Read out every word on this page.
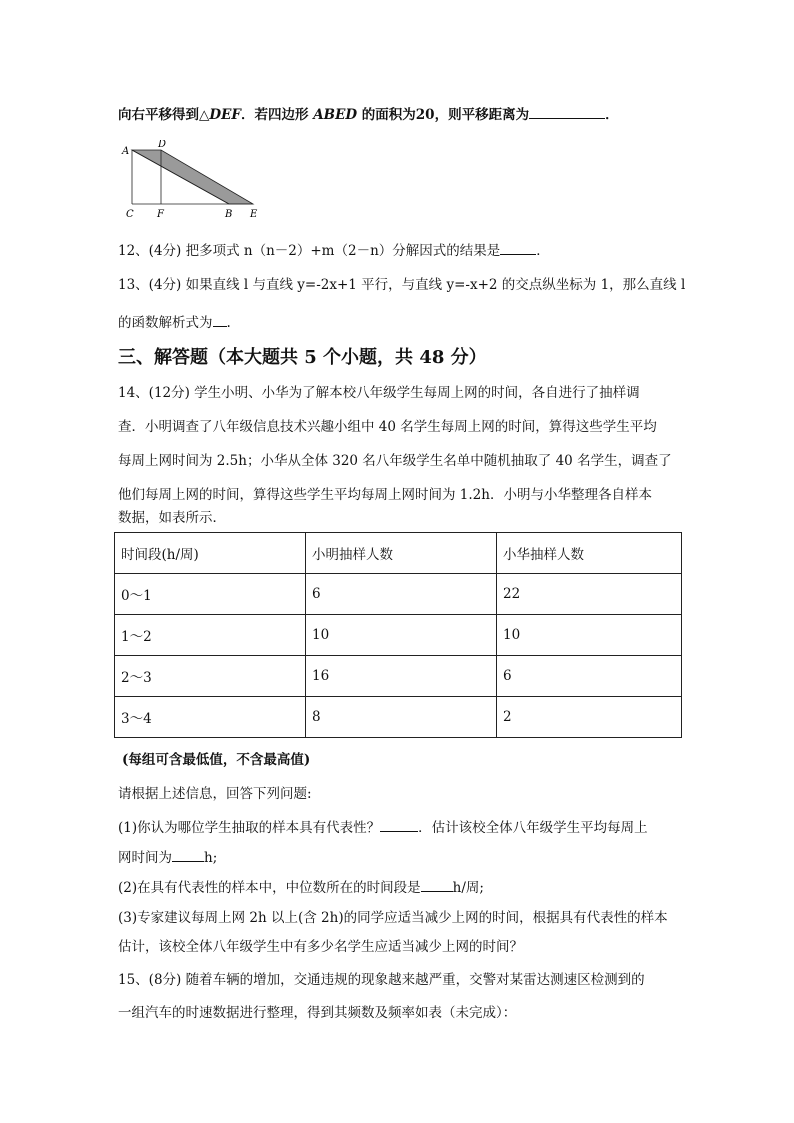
向右平移得到△DEF．若四边形 ABED 的面积为20，则平移距离为	．
A
D
C F	B E
12、(4分) 把多项式 n（n－2）+m（2－n）分解因式的结果是	．
13、(4分) 如果直线 l 与直线 y=-2x+1 平行，与直线 y=-x+2 的交点纵坐标为 1，那么直线 l
的函数解析式为 .
三、解答题（本大题共 5 个小题，共 48 分）
14、(12分) 学生小明、小华为了解本校八年级学生每周上网的时间，各自进行了抽样调
查．小明调查了八年级信息技术兴趣小组中 40 名学生每周上网的时间，算得这些学生平均
每周上网时间为 2.5h；小华从全体 320 名八年级学生名单中随机抽取了 40 名学生，调查了
他们每周上网的时间，算得这些学生平均每周上网时间为 1.2h．小明与小华整理各自样本
数据，如表所示．
时间段(h/周)	小明抽样人数	小华抽样人数
0～1	6	22
1～2	10	10
2～3	16	6
3～4	8	2
(每组可含最低值，不含最高值)
请根据上述信息，回答下列问题:
(1)你认为哪位学生抽取的样本具有代表性？	．估计该校全体八年级学生平均每周上
网时间为 h;
(2)在具有代表性的样本中，中位数所在的时间段是 h/周;
(3)专家建议每周上网 2h 以上(含 2h)的同学应适当减少上网的时间，根据具有代表性的样本
估计，该校全体八年级学生中有多少名学生应适当减少上网的时间？
15、(8分) 随着车辆的增加，交通违规的现象越来越严重，交警对某雷达测速区检测到的
一组汽车的时速数据进行整理，得到其频数及频率如表（未完成）：
